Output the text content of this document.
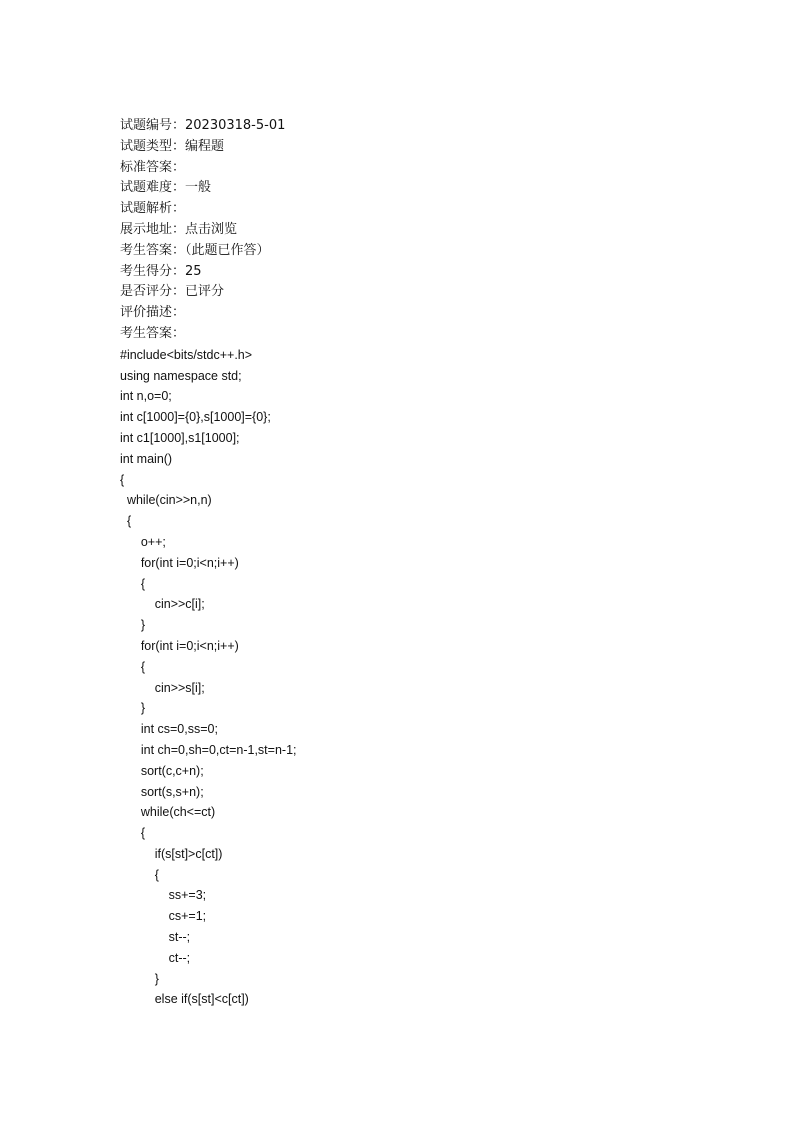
试题编号：20230318-5-01
试题类型：编程题
标准答案：
试题难度：一般
试题解析：
展示地址：点击浏览
考生答案：（此题已作答）
考生得分：25
是否评分：已评分
评价描述：
考生答案：
#include<bits/stdc++.h>
using namespace std;
int n,o=0;
int c[1000]={0},s[1000]={0};
int c1[1000],s1[1000];
int main()
{
while(cin>>n,n)
{
o++;
for(int i=0;i<n;i++)
{
cin>>c[i];
}
for(int i=0;i<n;i++)
{
cin>>s[i];
}
int cs=0,ss=0;
int ch=0,sh=0,ct=n-1,st=n-1;
sort(c,c+n);
sort(s,s+n);
while(ch<=ct)
{
if(s[st]>c[ct])
{
ss+=3;
cs+=1;
st--;
ct--;
}
else if(s[st]<c[ct])
